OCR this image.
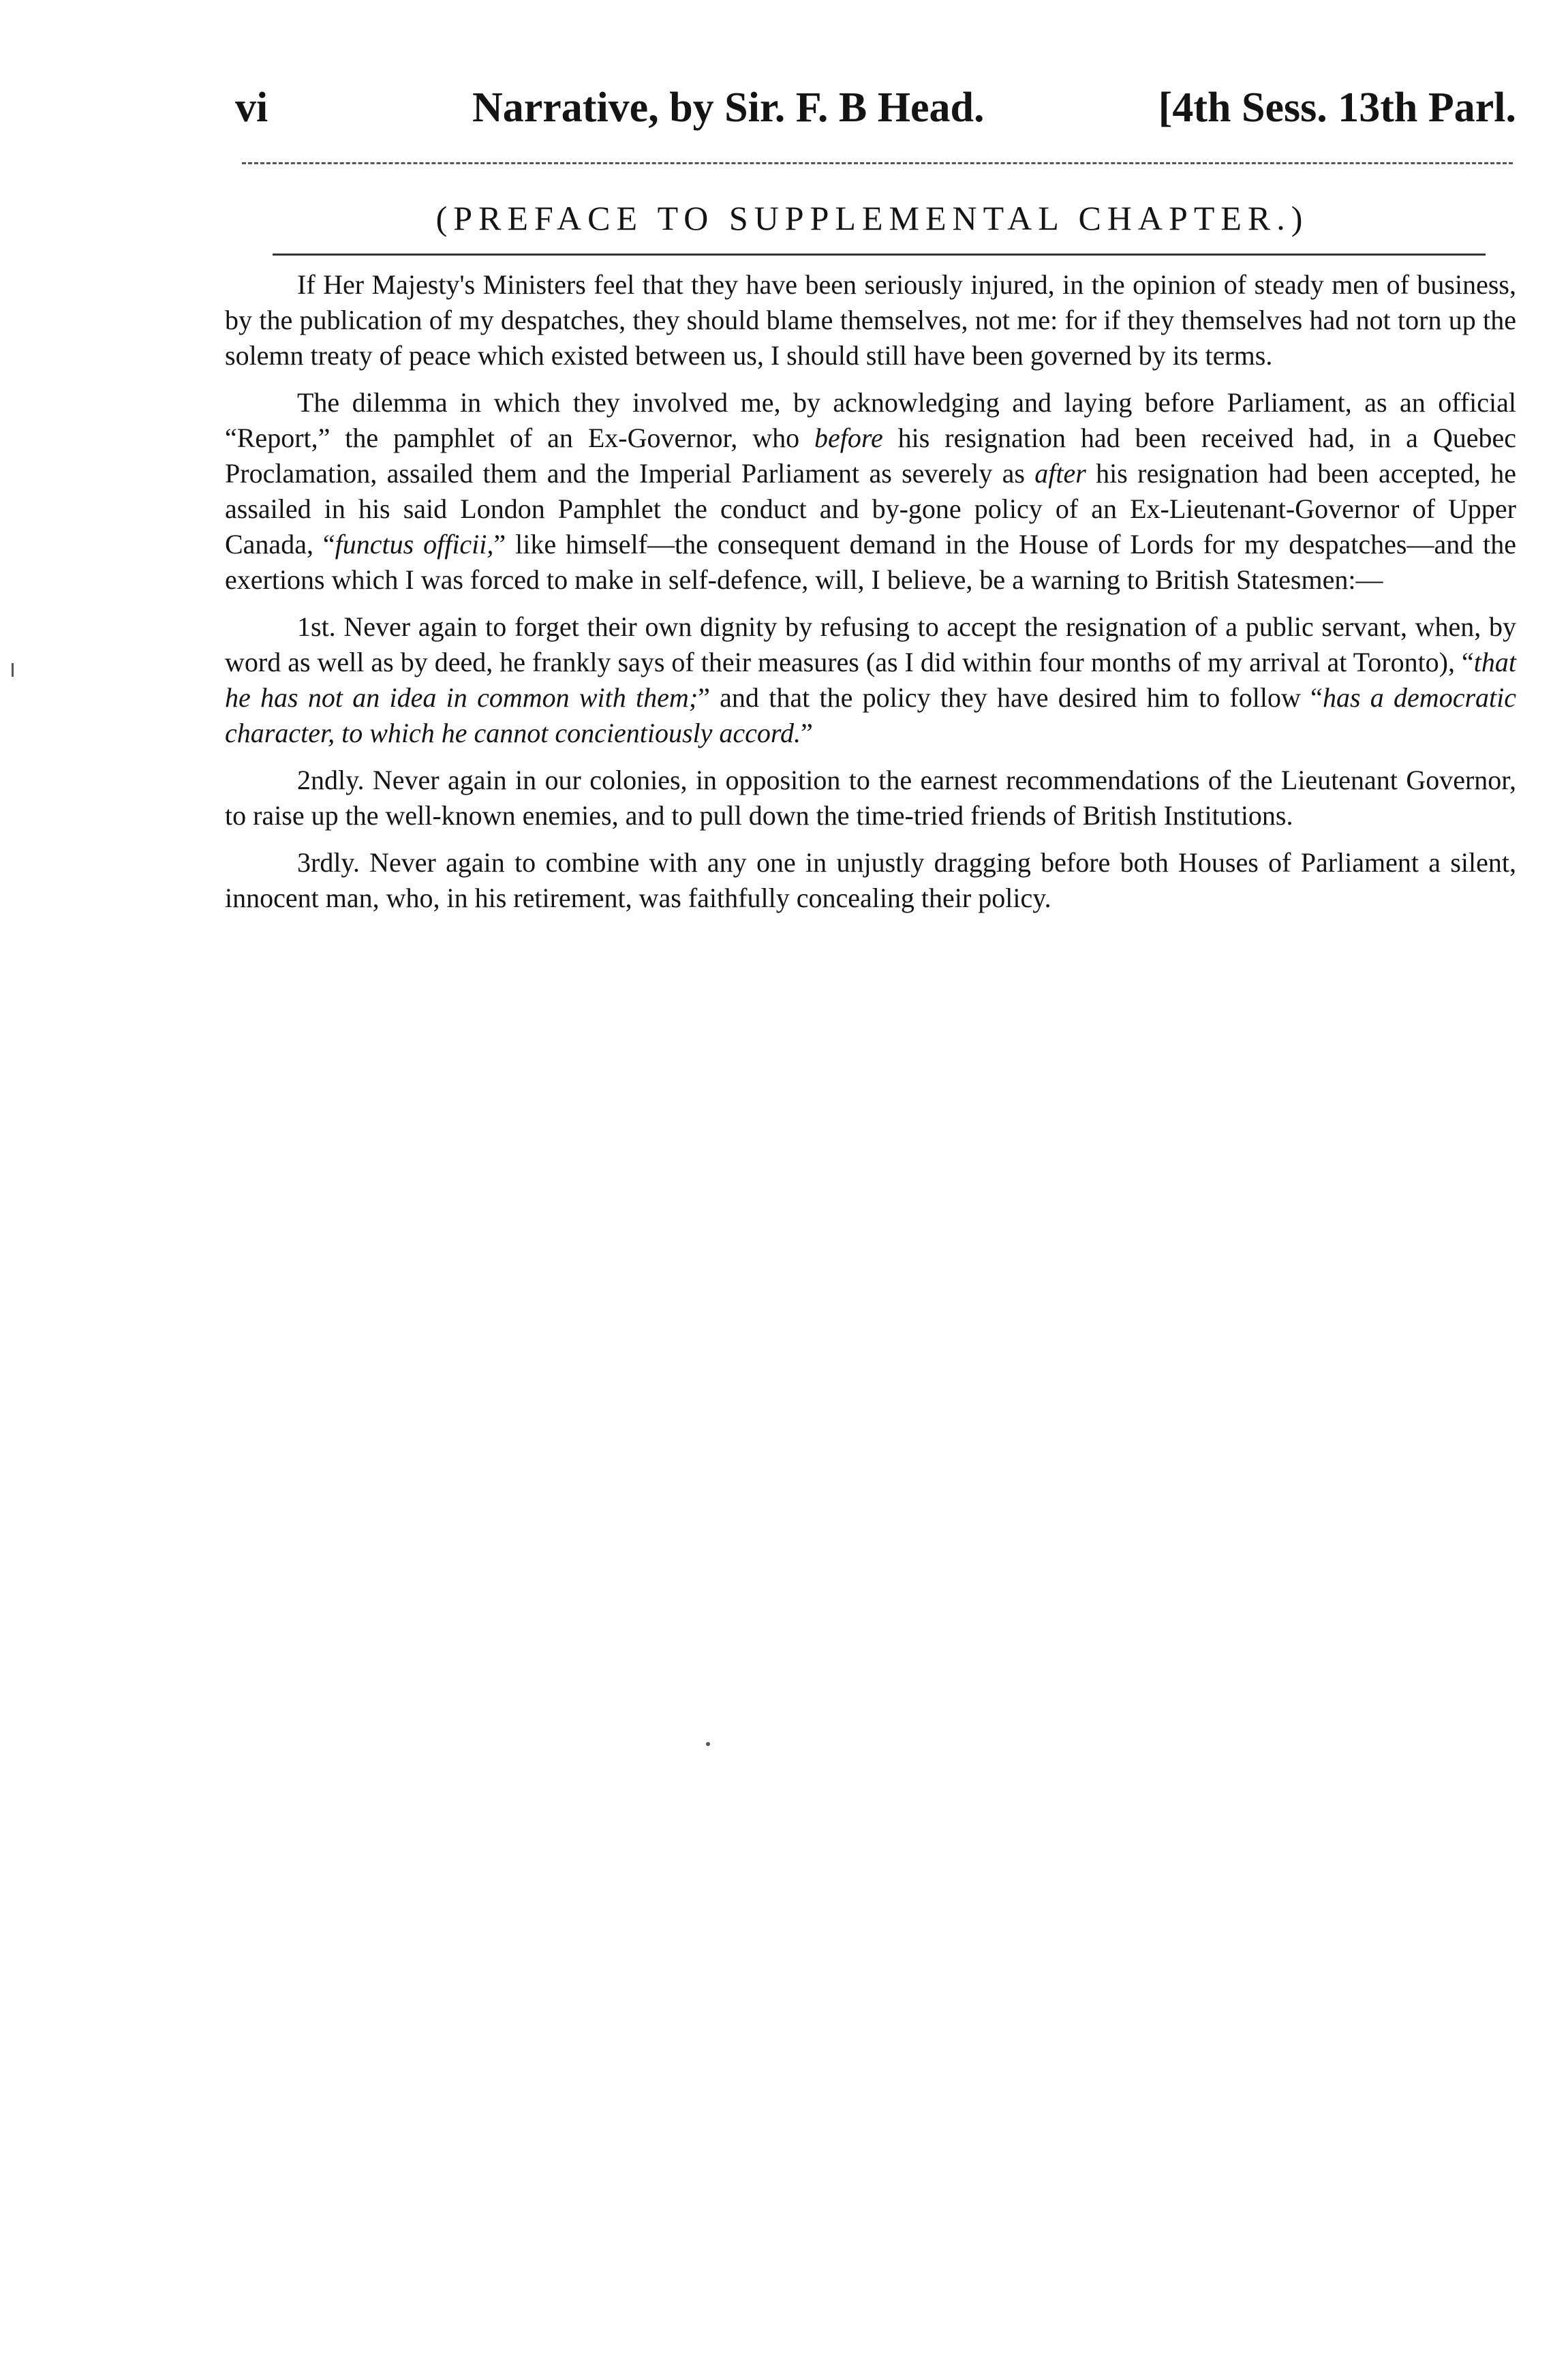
vi	Narrative, by Sir. F. B Head.	[4th Sess. 13th Parl.
(PREFACE TO SUPPLEMENTAL CHAPTER.)

If Her Majesty's Ministers feel that they have been seriously injured, in the opinion of steady men of business, by the publication of my despatches, they should blame themselves, not me: for if they themselves had not torn up the solemn treaty of peace which existed between us, I should still have been governed by its terms.

The dilemma in which they involved me, by acknowledging and laying before Parliament, as an official “Report,” the pamphlet of an Ex-Governor, who before his resignation had been received had, in a Quebec Proclamation, assailed them and the Imperial Parliament as severely as after his resignation had been accepted, he assailed in his said London Pamphlet the conduct and by-gone policy of an Ex-Lieutenant-Governor of Upper Canada, “functus officii,” like himself—the consequent demand in the House of Lords for my despatches—and the exertions which I was forced to make in self-defence, will, I believe, be a warning to British Statesmen:—

1st. Never again to forget their own dignity by refusing to accept the resignation of a public servant, when, by word as well as by deed, he frankly says of their measures (as I did within four months of my arrival at Toronto), “that he has not an idea in common with them;” and that the policy they have desired him to follow “has a democratic character, to which he cannot concientiously accord.”

2ndly. Never again in our colonies, in opposition to the earnest recommendations of the Lieutenant Governor, to raise up the well-known enemies, and to pull down the time-tried friends of British Institutions.

3rdly. Never again to combine with any one in unjustly dragging before both Houses of Parliament a silent, innocent man, who, in his retirement, was faithfully concealing their policy.
